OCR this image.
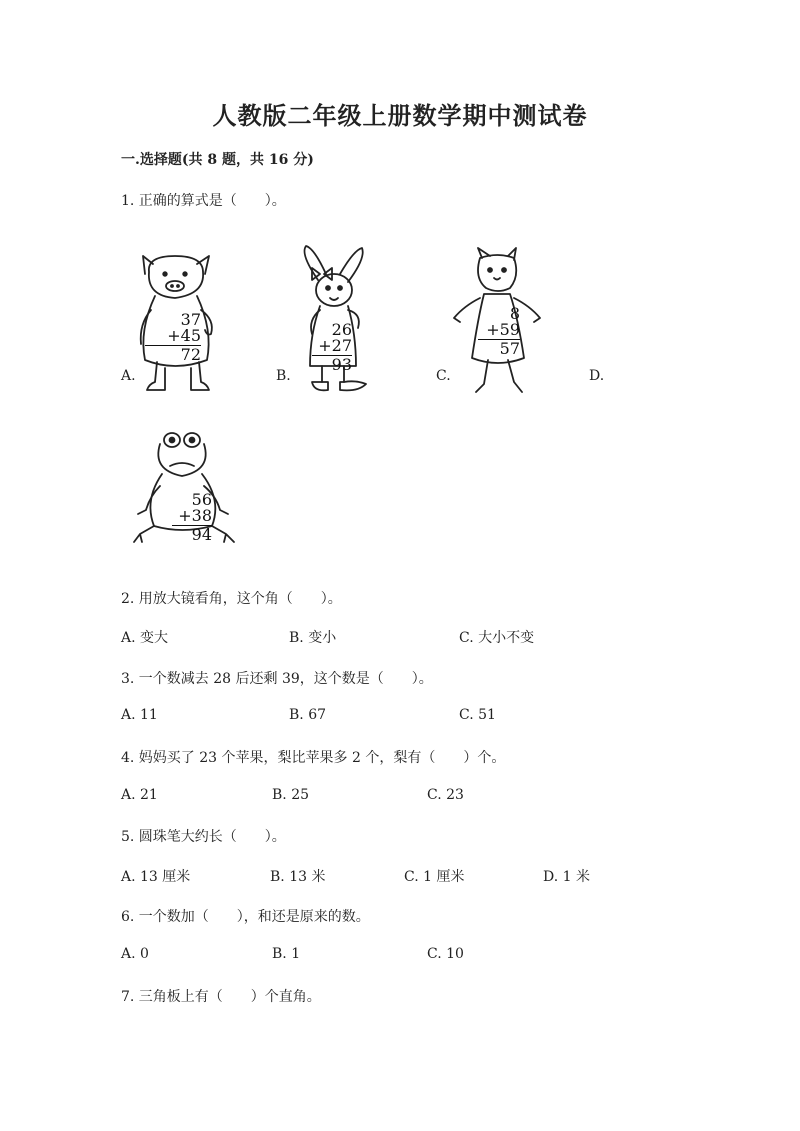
人教版二年级上册数学期中测试卷
一.选择题(共 8 题，共 16 分)
1. 正确的算式是（　　）。
A.
37
+45
72
B.
26
+27
93
C.
8
+59
57
D.
56
+38
94
2. 用放大镜看角，这个角（　　）。
A. 变大	B. 变小	C. 大小不变
3. 一个数减去 28 后还剩 39，这个数是（　　）。
A. 11	B. 67	C. 51
4. 妈妈买了 23 个苹果，梨比苹果多 2 个，梨有（　　）个。
A. 21	B. 25	C. 23
5. 圆珠笔大约长（　　）。
A. 13 厘米	B. 13 米	C. 1 厘米	D. 1 米
6. 一个数加（　　），和还是原来的数。
A. 0	B. 1	C. 10
7. 三角板上有（　　）个直角。
